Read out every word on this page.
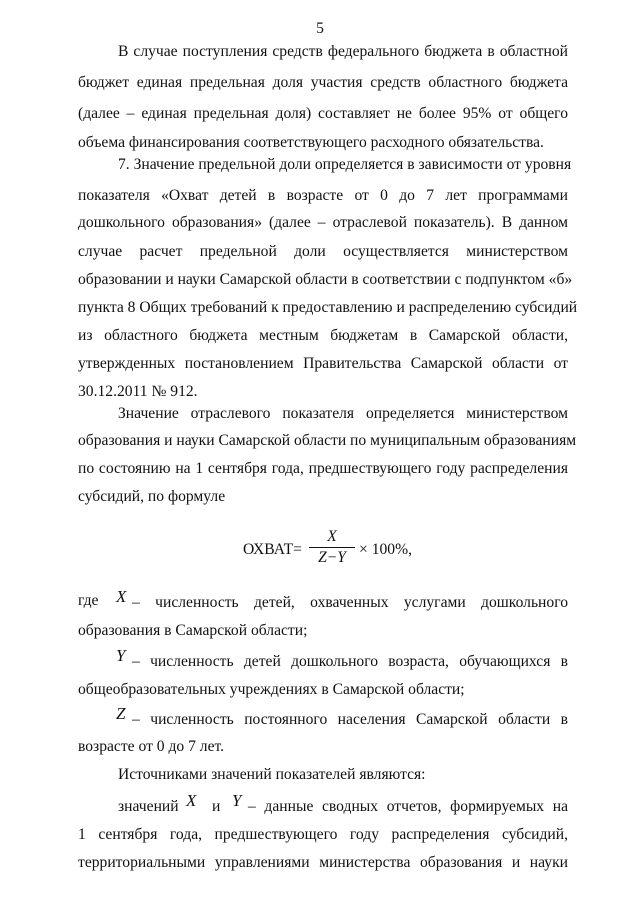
5
В случае поступления средств федерального бюджета в областной
бюджет единая предельная доля участия средств областного бюджета
(далее – единая предельная доля) составляет не более 95% от общего
объема финансирования соответствующего расходного обязательства.
7. Значение предельной доли определяется в зависимости от уровня
показателя «Охват детей в возрасте от 0 до 7 лет программами
дошкольного образования» (далее – отраслевой показатель). В данном
случае расчет предельной доли осуществляется министерством
образовании и науки Самарской области в соответствии с подпунктом «б»
пункта 8 Общих требований к предоставлению и распределению субсидий
из областного бюджета местным бюджетам в Самарской области,
утвержденных постановлением Правительства Самарской области от
30.12.2011 № 912.
Значение отраслевого показателя определяется министерством
образования и науки Самарской области по муниципальным образованиям
по состоянию на 1 сентября года, предшествующего году распределения
субсидий, по формуле
ОХВАТ=
X
Z−Y × 100%,
где X – численность детей, охваченных услугами дошкольного
образования в Самарской области;
Y – численность детей дошкольного возраста, обучающихся в
общеобразовательных учреждениях в Самарской области;
Z – численность постоянного населения Самарской области в
возрасте от 0 до 7 лет.
Источниками значений показателей являются:
значений X и Y – данные сводных отчетов, формируемых на
1 сентября года, предшествующего году распределения субсидий,
территориальными управлениями министерства образования и науки
